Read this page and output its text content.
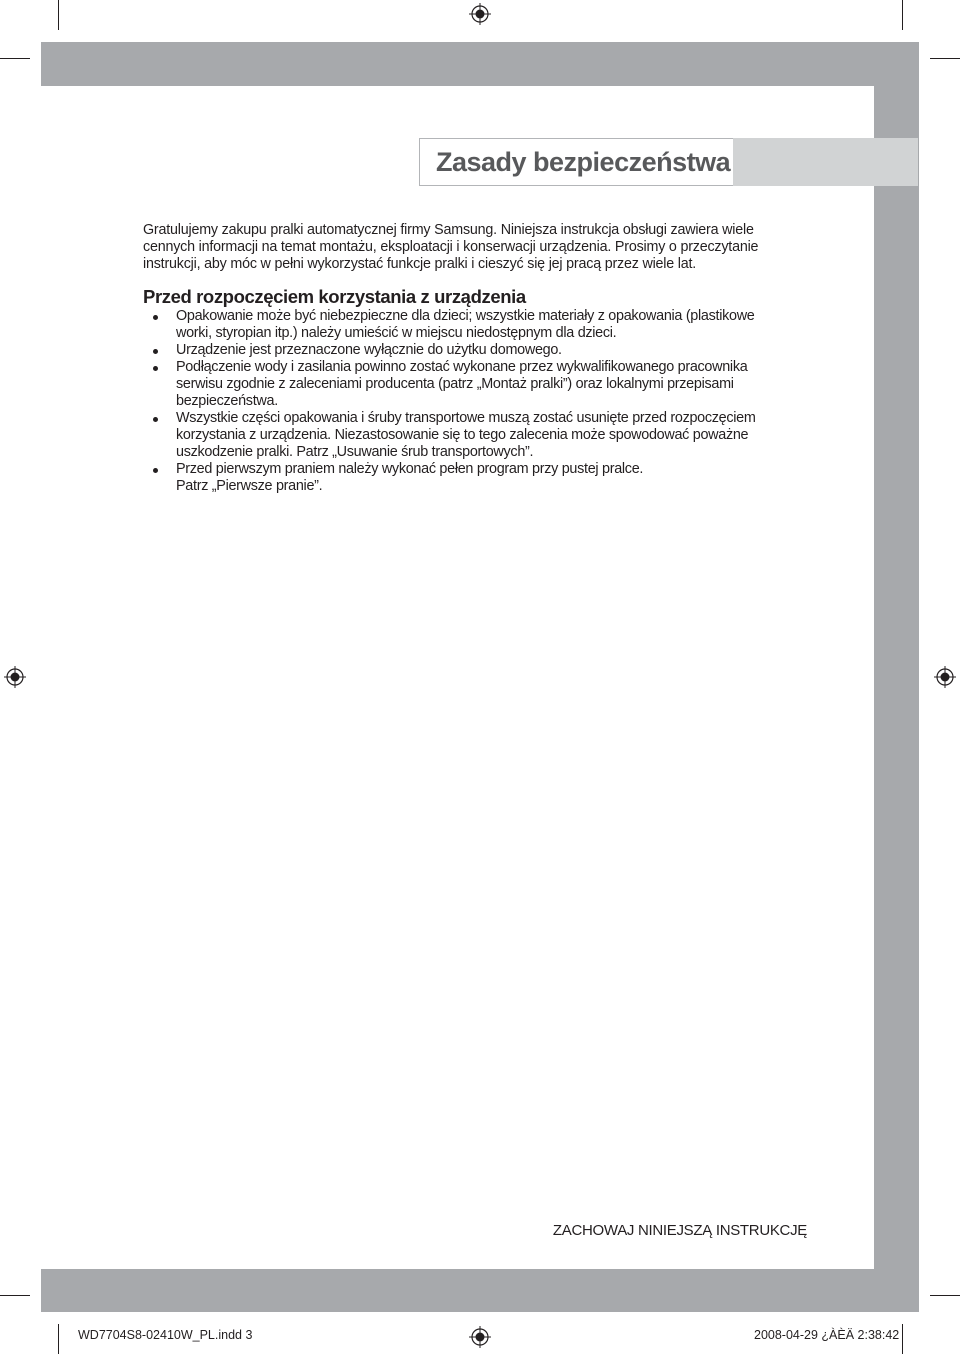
Zasady bezpieczeństwa
Gratulujemy zakupu pralki automatycznej firmy Samsung. Niniejsza instrukcja obsługi zawiera wiele
cennych informacji na temat montażu, eksploatacji i konserwacji urządzenia. Prosimy o przeczytanie
instrukcji, aby móc w pełni wykorzystać funkcje pralki i cieszyć się jej pracą przez wiele lat.
Przed rozpoczęciem korzystania z urządzenia
Opakowanie może być niebezpieczne dla dzieci; wszystkie materiały z opakowania (plastikowe
worki, styropian itp.) należy umieścić w miejscu niedostępnym dla dzieci.
Urządzenie jest przeznaczone wyłącznie do użytku domowego.
Podłączenie wody i zasilania powinno zostać wykonane przez wykwalifikowanego pracownika
serwisu zgodnie z zaleceniami producenta (patrz „Montaż pralki”) oraz lokalnymi przepisami
bezpieczeństwa.
Wszystkie części opakowania i śruby transportowe muszą zostać usunięte przed rozpoczęciem
korzystania z urządzenia. Niezastosowanie się to tego zalecenia może spowodować poważne
uszkodzenie pralki. Patrz „Usuwanie śrub transportowych”.
Przed pierwszym praniem należy wykonać pełen program przy pustej pralce.
Patrz „Pierwsze pranie”.
ZACHOWAJ NINIEJSZĄ INSTRUKCJĘ
WD7704S8-02410W_PL.indd 3	2008-04-29 ¿ÀÈÄ 2:38:42
